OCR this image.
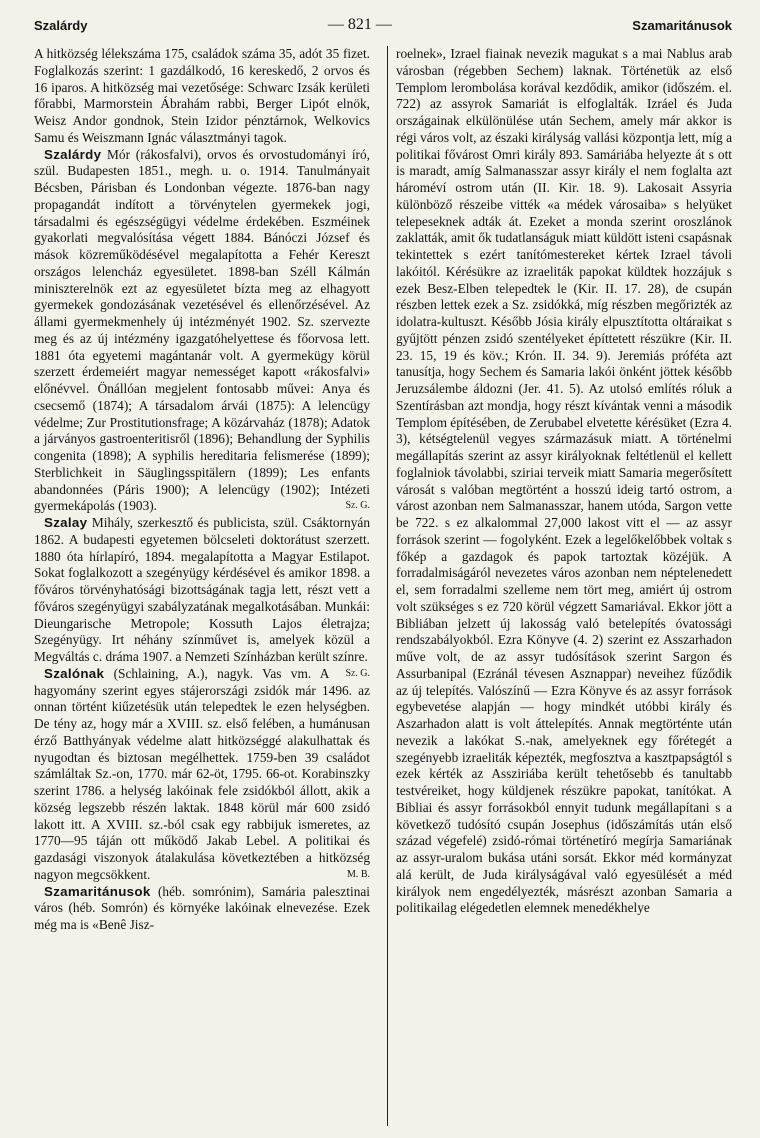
Szalárdy	— 821 —	Szamaritánusok

A hitközség lélekszáma 175, családok száma 35, adót 35 fizet. Foglalkozás szerint: 1 gazdálkodó, 16 kereskedő, 2 orvos és 16 iparos. A hitközség mai vezetősége: Schwarc Izsák kerületi főrabbi, Marmorstein Ábrahám rabbi, Berger Lipót elnök, Weisz Andor gondnok, Stein Izidor pénztárnok, Welkovics Samu és Weiszmann Ignác választmányi tagok.

Szalárdy Mór (rákosfalvi), orvos és orvostudományi író, szül. Budapesten 1851., megh. u. o. 1914. Tanulmányait Bécsben, Párisban és Londonban végezte. 1876-ban nagy propagandát indított a törvénytelen gyermekek jogi, társadalmi és egészségügyi védelme érdekében. Eszméinek gyakorlati megvalósítása végett 1884. Bánóczi József és mások közreműködésével megalapította a Fehér Kereszt országos lelencház egyesületet. 1898-ban Széll Kálmán miniszterelnök ezt az egyesületet bízta meg az elhagyott gyermekek gondozásának vezetésével és ellenőrzésével. Az állami gyermekmenhely új intézményét 1902. Sz. szervezte meg és az új intézmény igazgatóhelyettese és főorvosa lett. 1881 óta egyetemi magántanár volt. A gyermekügy körül szerzett érdemeiért magyar nemességet kapott «rákosfalvi» előnévvel. Önállóan megjelent fontosabb művei: Anya és csecsemő (1874); A társadalom árvái (1875): A lelencügy védelme; Zur Prostitutionsfrage; A közárvaház (1878); Adatok a járványos gastroenteritisről (1896); Behandlung der Syphilis congenita (1898); A syphilis hereditaria felismerése (1899); Sterblichkeit in Säuglingsspitälern (1899); Les enfants abandonnées (Páris 1900); A lelencügy (1902); Intézeti gyermekápolás (1903).	Sz. G.

Szalay Mihály, szerkesztő és publicista, szül. Csáktornyán 1862. A budapesti egyetemen bölcseleti doktorátust szerzett. 1880 óta hírlapíró, 1894. megalapította a Magyar Estilapot. Sokat foglalkozott a szegényügy kérdésével és amikor 1898. a főváros törvényhatósági bizottságának tagja lett, részt vett a főváros szegényügyi szabályzatának megalkotásában. Munkái: Dieungarische Metropole; Kossuth Lajos életrajza; Szegényügy. Irt néhány színművet is, amelyek közül a Megváltás c. dráma 1907. a Nemzeti Színházban került színre.
Sz. G.

Szalónak (Schlaining, A.), nagyk. Vas vm. A hagyomány szerint egyes stájerországi zsidók már 1496. az onnan történt kiűzetésük után telepedtek le ezen helységben. De tény az, hogy már a XVIII. sz. első felében, a humánusan érző Batthyányak védelme alatt hitközséggé alakulhattak és nyugodtan és biztosan megélhettek. 1759-ben 39 családot számláltak Sz.-on, 1770. már 62-öt, 1795. 66-ot. Korabinszky szerint 1786. a helység lakóinak fele zsidókból állott, akik a község legszebb részén laktak. 1848 körül már 600 zsidó lakott itt. A XVIII. sz.-ból csak egy rabbijuk ismeretes, az 1770—95 táján ott működő Jakab Lebel. A politikai és gazdasági viszonyok átalakulása következtében a hitközség nagyon megcsökkent.	M. B.

Szamaritánusok (héb. somrónim), Samária palesztinai város (héb. Somrón) és környéke lakóinak elnevezése. Ezek még ma is «Benê Jisz-

roelnek», Izrael fiainak nevezik magukat s a mai Nablus arab városban (régebben Sechem) laknak. Történetük az első Templom lerombolása korával kezdődik, amikor (időszém. el. 722) az assyrok Samariát is elfoglalták. Izráel és Juda országainak elkülönülése után Sechem, amely már akkor is régi város volt, az északi királyság vallási központja lett, míg a politikai fővárost Omri király 893. Samáriába helyezte át s ott is maradt, amíg Salmanasszar assyr király el nem foglalta azt hároméví ostrom után (II. Kir. 18. 9). Lakosait Assyria különböző részeibe vitték «a médek városaiba» s helyüket telepeseknek adták át. Ezeket a monda szerint oroszlánok zaklatták, amit ők tudatlanságuk miatt küldött isteni csapásnak tekintettek s ezért tanítómestereket kértek Izrael távoli lakóitól. Kérésükre az izraeliták papokat küldtek hozzájuk s ezek Besz-Elben telepedtek le (Kir. II. 17. 28), de csupán részben lettek ezek a Sz. zsidókká, míg részben megőrizték az idolatra-kultuszt. Később Jósia király elpusztította oltáraikat s gyűjtött pénzen zsidó szentélyeket építtetett részükre (Kir. II. 23. 15, 19 és köv.; Krón. II. 34. 9). Jeremiás próféta azt tanusítja, hogy Sechem és Samaria lakói önként jöttek később Jeruzsálembe áldozni (Jer. 41. 5). Az utolsó említés róluk a Szentírásban azt mondja, hogy részt kívántak venni a második Templom építésében, de Zerubabel elvetette kérésüket (Ezra 4. 3), kétségtelenül vegyes származásuk miatt. A történelmi megállapítás szerint az assyr királyoknak feltétlenül el kellett foglalniok távolabbi, sziriai terveik miatt Samaria megerősített városát s valóban megtörtént a hosszú ideig tartó ostrom, a várost azonban nem Salmanasszar, hanem utóda, Sargon vette be 722. s ez alkalommal 27,000 lakost vitt el — az assyr források szerint — fogolyként. Ezek a legelőkelőbbek voltak s főkép a gazdagok és papok tartoztak közéjük. A forradalmiságáról nevezetes város azonban nem néptelenedett el, sem forradalmi szelleme nem tört meg, amiért új ostrom volt szükséges s ez 720 körül végzett Samariával. Ekkor jött a Bibliában jelzett új lakosság való betelepítés óvatossági rendszabályokból. Ezra Könyve (4. 2) szerint ez Asszarhadon műve volt, de az assyr tudósítások szerint Sargon és Assurbanipal (Ezránál tévesen Asznappar) neveihez fűződik az új telepítés. Valószínű — Ezra Könyve és az assyr források egybevetése alapján — hogy mindkét utóbbi király és Aszarhadon alatt is volt áttelepítés. Annak megtörténte után nevezik a lakókat S.-nak, amelyeknek egy főrétegét a szegényebb izraeliták képezték, megfosztva a kasztpapságtól s ezek kérték az Assziriába került tehetősebb és tanultabb testvéreiket, hogy küldjenek részükre papokat, tanítókat. A Bibliai és assyr forrásokból ennyit tudunk megállapítani s a következő tudósító csupán Josephus (időszámítás után első század végefelé) zsidó-római történetíró megírja Samariának az assyr-uralom bukása utáni sorsát. Ekkor méd kormányzat alá került, de Juda királyságával való egyesülését a méd királyok nem engedélyezték, másrészt azonban Samaria a politikailag elégedetlen elemnek menedékhelye
